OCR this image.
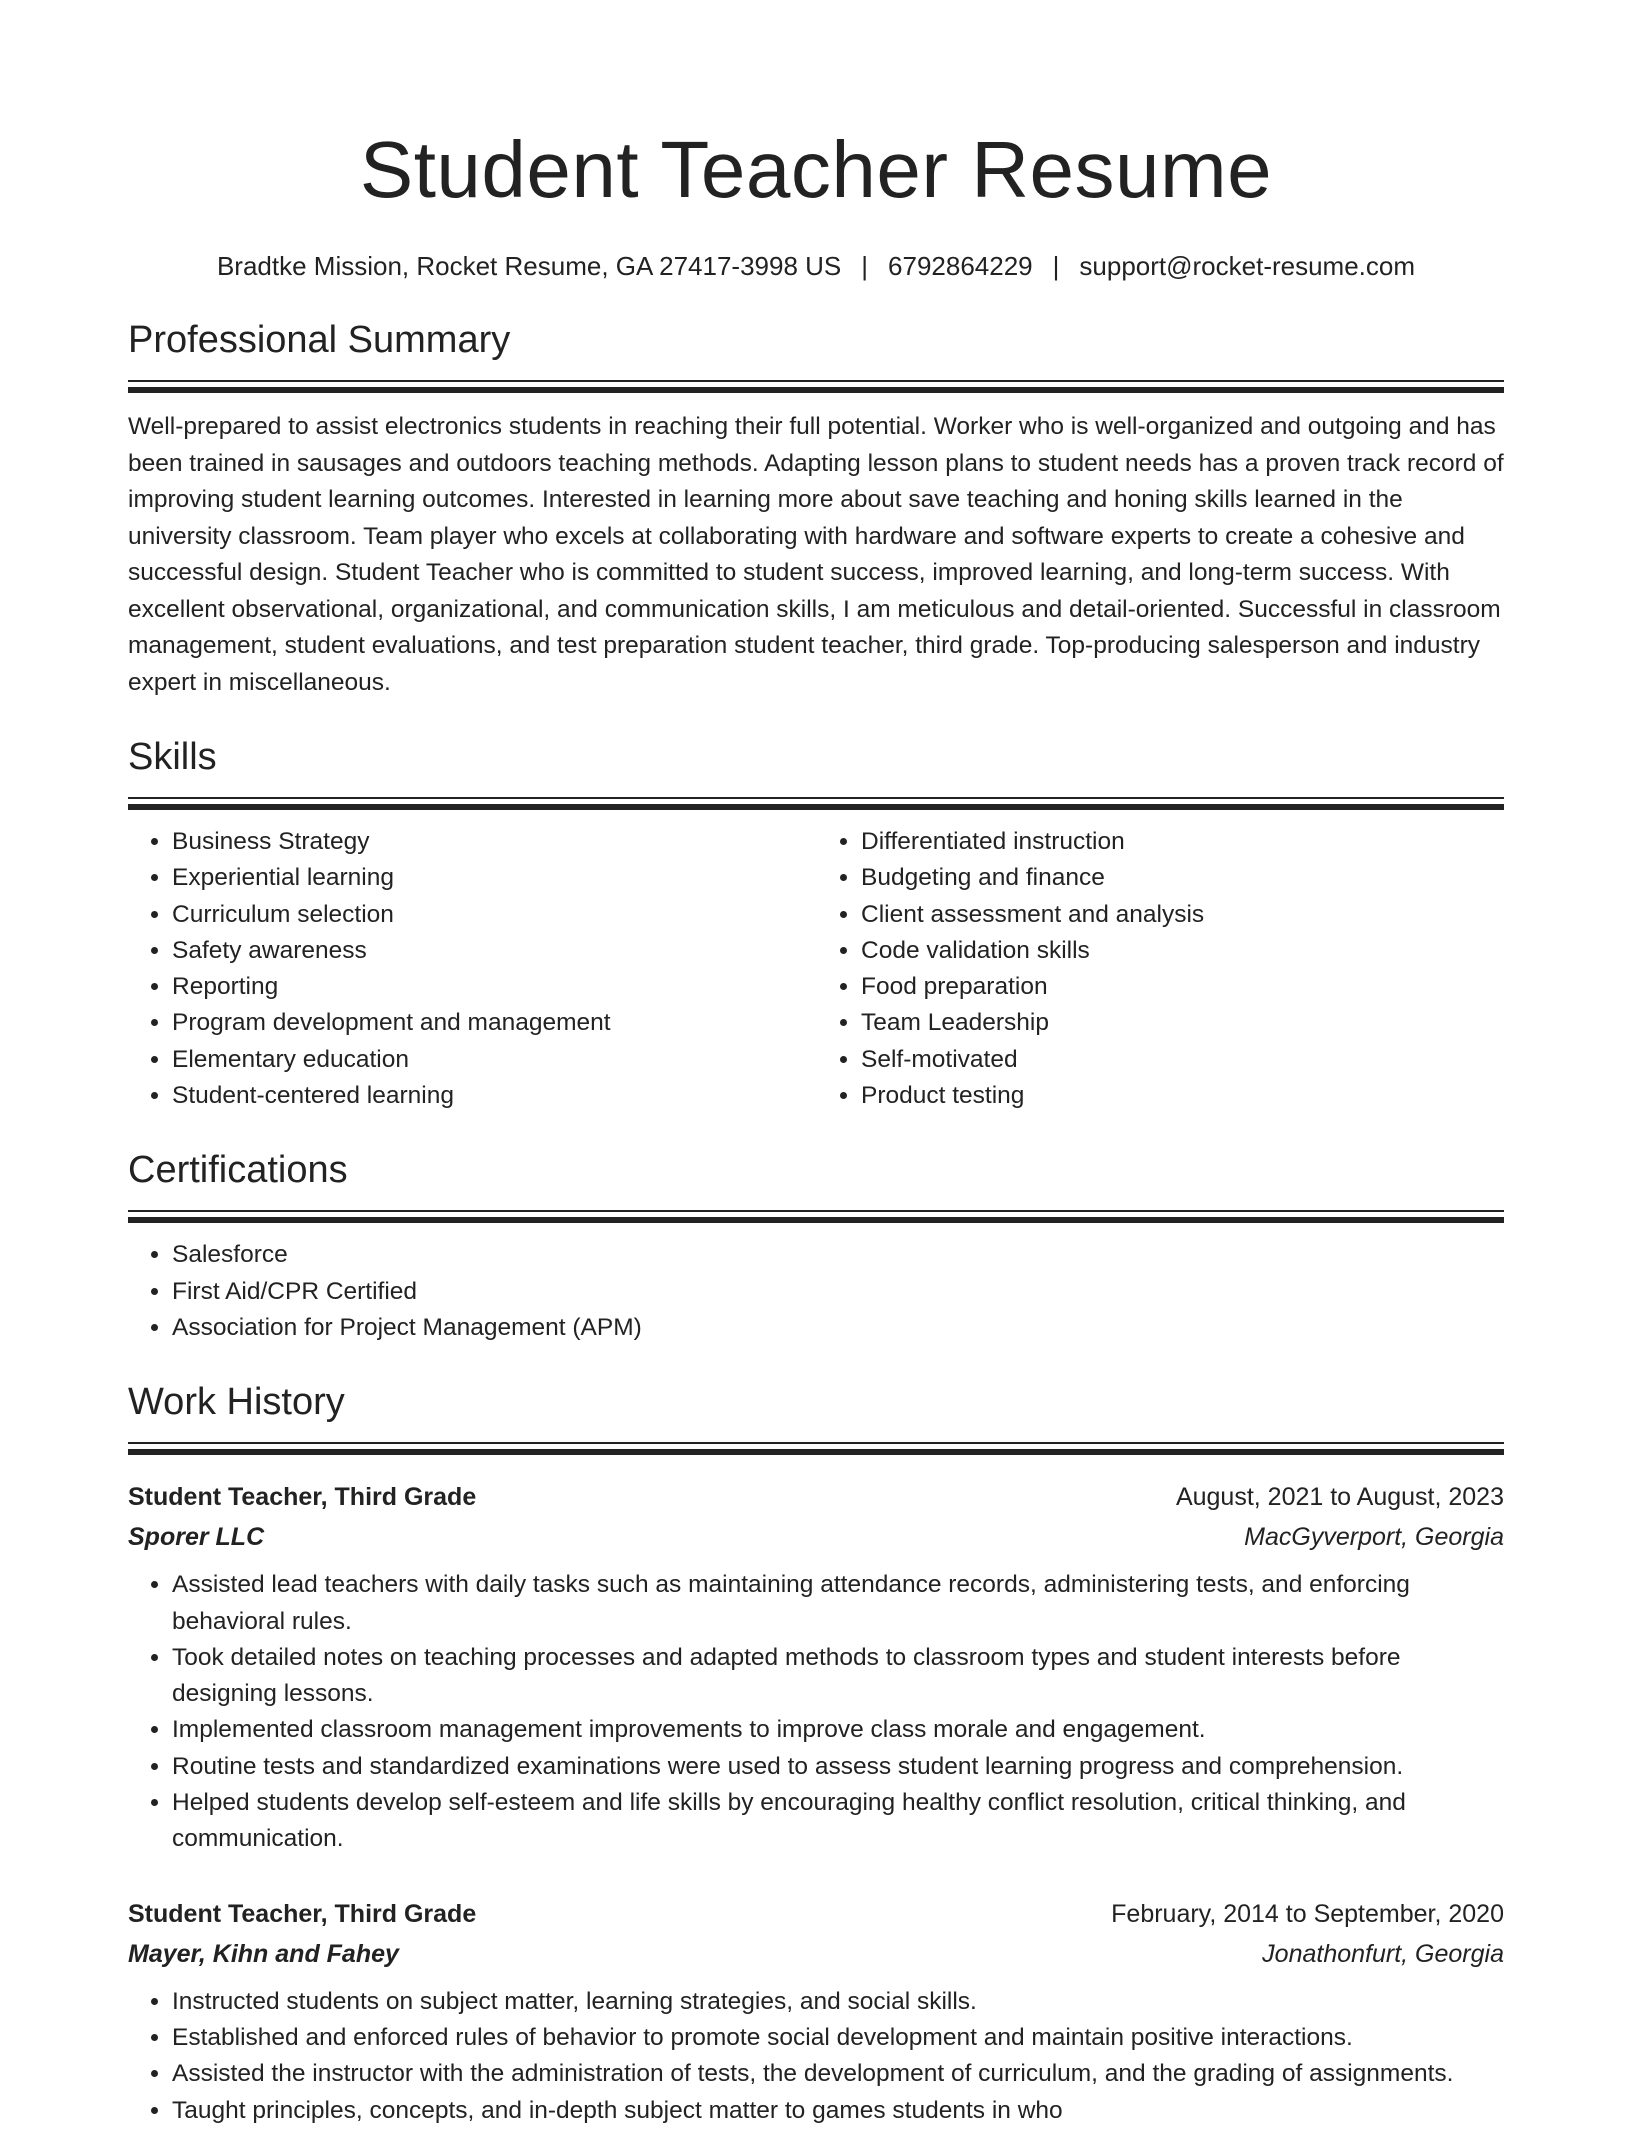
Student Teacher Resume
Bradtke Mission, Rocket Resume, GA 27417-3998 US | 6792864229 | support@rocket-resume.com
Professional Summary

Well-prepared to assist electronics students in reaching their full potential. Worker who is well-organized and outgoing and has been trained in sausages and outdoors teaching methods. Adapting lesson plans to student needs has a proven track record of improving student learning outcomes. Interested in learning more about save teaching and honing skills learned in the university classroom. Team player who excels at collaborating with hardware and software experts to create a cohesive and successful design. Student Teacher who is committed to student success, improved learning, and long-term success. With excellent observational, organizational, and communication skills, I am meticulous and detail-oriented. Successful in classroom management, student evaluations, and test preparation student teacher, third grade. Top-producing salesperson and industry expert in miscellaneous.

Skills
• Business Strategy
• Experiential learning
• Curriculum selection
• Safety awareness
• Reporting
• Program development and management
• Elementary education
• Student-centered learning
• Differentiated instruction
• Budgeting and finance
• Client assessment and analysis
• Code validation skills
• Food preparation
• Team Leadership
• Self-motivated
• Product testing
Certifications
• Salesforce
• First Aid/CPR Certified
• Association for Project Management (APM)
Work History
Student Teacher, Third Grade	August, 2021 to August, 2023
Sporer LLC	MacGyverport, Georgia
• Assisted lead teachers with daily tasks such as maintaining attendance records, administering tests, and enforcing behavioral rules.
• Took detailed notes on teaching processes and adapted methods to classroom types and student interests before designing lessons.
• Implemented classroom management improvements to improve class morale and engagement.
• Routine tests and standardized examinations were used to assess student learning progress and comprehension.
• Helped students develop self-esteem and life skills by encouraging healthy conflict resolution, critical thinking, and communication.
Student Teacher, Third Grade	February, 2014 to September, 2020
Mayer, Kihn and Fahey	Jonathonfurt, Georgia
• Instructed students on subject matter, learning strategies, and social skills.
• Established and enforced rules of behavior to promote social development and maintain positive interactions.
• Assisted the instructor with the administration of tests, the development of curriculum, and the grading of assignments.
• Taught principles, concepts, and in-depth subject matter to games students in who
